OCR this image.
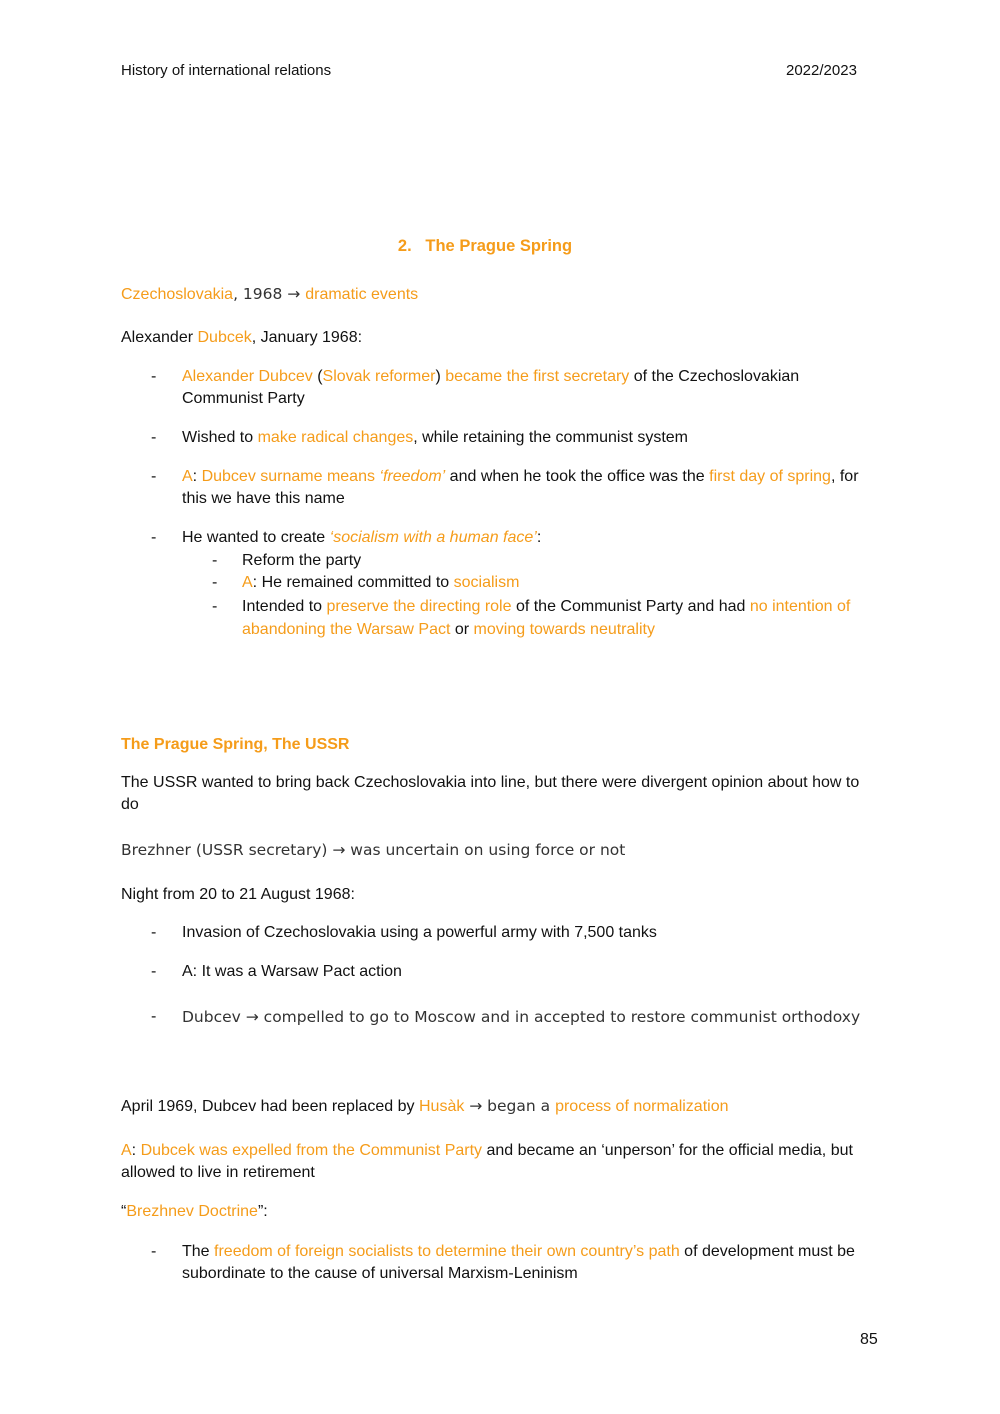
History of international relations	2022/2023
2.   The Prague Spring

Czechoslovakia, 1968 → dramatic events

Alexander Dubcek, January 1968:

- Alexander Dubcev (Slovak reformer) became the first secretary of the Czechoslovakian Communist Party
- Wished to make radical changes, while retaining the communist system
- A: Dubcev surname means ‘freedom’ and when he took the office was the first day of spring, for this we have this name
- He wanted to create ‘socialism with a human face’:
- Reform the party
- A: He remained committed to socialism
- Intended to preserve the directing role of the Communist Party and had no intention of abandoning the Warsaw Pact or moving towards neutrality

The Prague Spring, The USSR

The USSR wanted to bring back Czechoslovakia into line, but there were divergent opinion about how to do

Brezhner (USSR secretary) → was uncertain on using force or not

Night from 20 to 21 August 1968:

- Invasion of Czechoslovakia using a powerful army with 7,500 tanks
- A: It was a Warsaw Pact action
- Dubcev → compelled to go to Moscow and in accepted to restore communist orthodoxy

April 1969, Dubcev had been replaced by Husàk → began a process of normalization

A: Dubcek was expelled from the Communist Party and became an ‘unperson’ for the official media, but allowed to live in retirement

“Brezhnev Doctrine”:

- The freedom of foreign socialists to determine their own country’s path of development must be subordinate to the cause of universal Marxism-Leninism
85
